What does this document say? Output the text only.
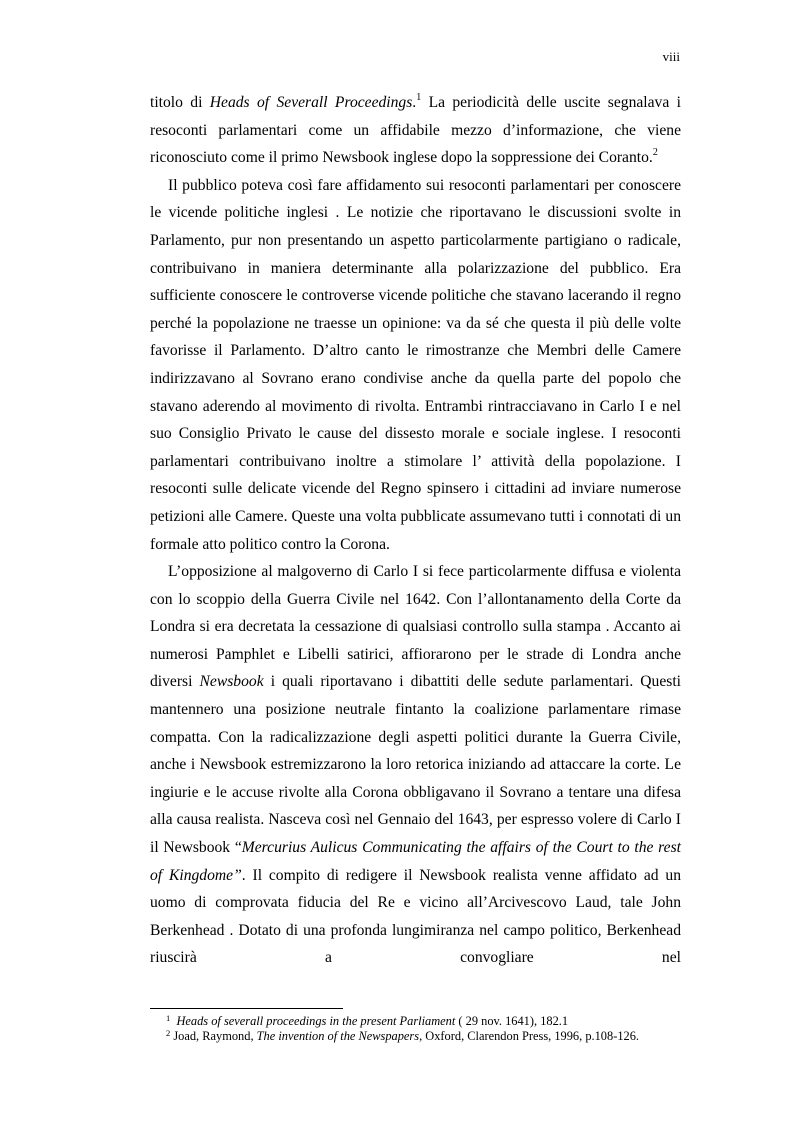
viii

titolo di Heads of Severall Proceedings.$^1$ La periodicità delle uscite segnalava i resoconti parlamentari come un affidabile mezzo d’informazione, che viene riconosciuto come il primo Newsbook inglese dopo la soppressione dei Coranto.$^2$

Il pubblico poteva così fare affidamento sui resoconti parlamentari per conoscere le vicende politiche inglesi . Le notizie che riportavano le discussioni svolte in Parlamento, pur non presentando un aspetto particolarmente partigiano o radicale, contribuivano in maniera determinante alla polarizzazione del pubblico. Era sufficiente conoscere le controverse vicende politiche che stavano lacerando il regno perché la popolazione ne traesse un opinione: va da sé che questa il più delle volte favorisse il Parlamento. D’altro canto le rimostranze che Membri delle Camere indirizzavano al Sovrano erano condivise anche da quella parte del popolo che stavano aderendo al movimento di rivolta. Entrambi rintracciavano in Carlo I e nel suo Consiglio Privato le cause del dissesto morale e sociale inglese. I resoconti parlamentari contribuivano inoltre a stimolare l’ attività della popolazione. I resoconti sulle delicate vicende del Regno spinsero i cittadini ad inviare numerose petizioni alle Camere. Queste una volta pubblicate assumevano tutti i connotati di un formale atto politico contro la Corona.

L’opposizione al malgoverno di Carlo I si fece particolarmente diffusa e violenta con lo scoppio della Guerra Civile nel 1642. Con l’allontanamento della Corte da Londra si era decretata la cessazione di qualsiasi controllo sulla stampa . Accanto ai numerosi Pamphlet e Libelli satirici, affiorarono per le strade di Londra anche diversi Newsbook i quali riportavano i dibattiti delle sedute parlamentari. Questi mantennero una posizione neutrale fintanto la coalizione parlamentare rimase compatta. Con la radicalizzazione degli aspetti politici durante la Guerra Civile, anche i Newsbook estremizzarono la loro retorica iniziando ad attaccare la corte. Le ingiurie e le accuse rivolte alla Corona obbligavano il Sovrano a tentare una difesa alla causa realista. Nasceva così nel Gennaio del 1643, per espresso volere di Carlo I il Newsbook “Mercurius Aulicus Communicating the affairs of the Court to the rest of Kingdome”. Il compito di redigere il Newsbook realista venne affidato ad un uomo di comprovata fiducia del Re e vicino all’Arcivescovo Laud, tale John Berkenhead . Dotato di una profonda lungimiranza nel campo politico, Berkenhead riuscirà a convogliare nel

$^1$ Heads of severall proceedings in the present Parliament ( 29 nov. 1641), 182.1

$^2$ Joad, Raymond, The invention of the Newspapers, Oxford, Clarendon Press, 1996, p.108-126.
